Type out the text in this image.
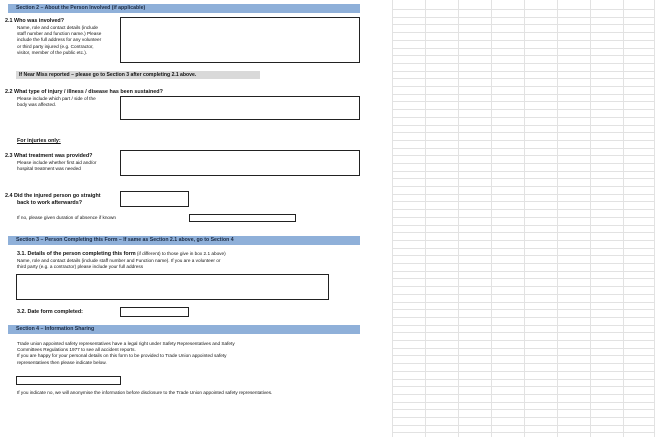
Section 2 – About the Person Involved (if applicable)
2.1 Who was involved?
Name, role and contact details (include
staff number and function name.) Please
include the full address for any volunteer
or third party injured (e.g. Contractor,
visitor, member of the public etc.).
If Near Miss reported – please go to Section 3 after completing 2.1 above.
2.2 What type of injury / illness / disease has been sustained?
Please include which part / side of the
body was affected.
For injuries only:
2.3 What treatment was provided?
Please include whether first aid and/or
hospital treatment was needed
2.4 Did the injured person go straight
back to work afterwards?
If no, please given duration of absence if known
Section 3 – Person Completing this Form – If same as Section 2.1 above, go to Section 4
3.1. Details of the person completing this form (if different) to those give in box 2.1 above)
Name, role and contact details (include staff number and Function name). If you are a volunteer or
third party (e.g. a contractor) please include your full address
3.2. Date form completed:
Section 4 – Information Sharing
Trade union appointed safety representatives have a legal right under Safety Representatives and Safety
Committees Regulations 1977 to see all accident reports.
If you are happy for your personal details on this form to be provided to Trade Union appointed safety
representatives then please indicate below.
If you indicate no, we will anonymise the information before disclosure to the Trade Union appointed safety representatives.
